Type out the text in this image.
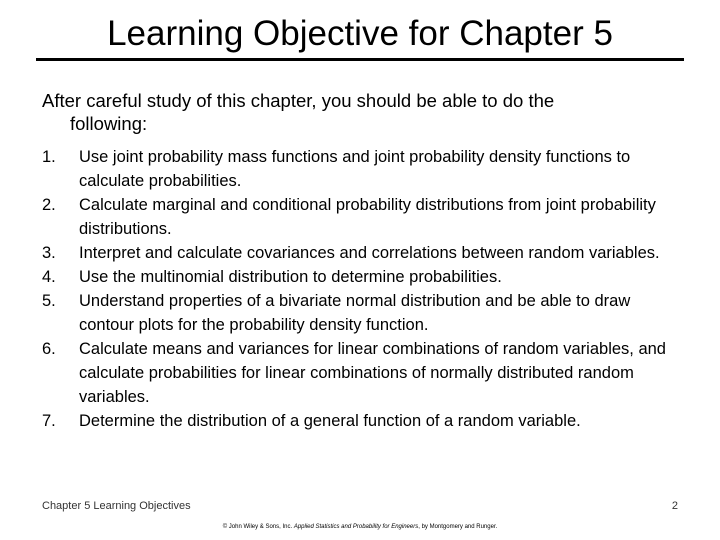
Learning Objective for Chapter 5
After careful study of this chapter, you should be able to do the
following:
1. Use joint probability mass functions and joint probability density functions to calculate probabilities.
2. Calculate marginal and conditional probability distributions from joint probability distributions.
3. Interpret and calculate covariances and correlations between random variables.
4. Use the multinomial distribution to determine probabilities.
5. Understand properties of a bivariate normal distribution and be able to draw contour plots for the probability density function.
6. Calculate means and variances for linear combinations of random variables, and calculate probabilities for linear combinations of normally distributed random variables.
7. Determine the distribution of a general function of a random variable.
Chapter 5 Learning Objectives	2
© John Wiley & Sons, Inc. Applied Statistics and Probability for Engineers, by Montgomery and Runger.
